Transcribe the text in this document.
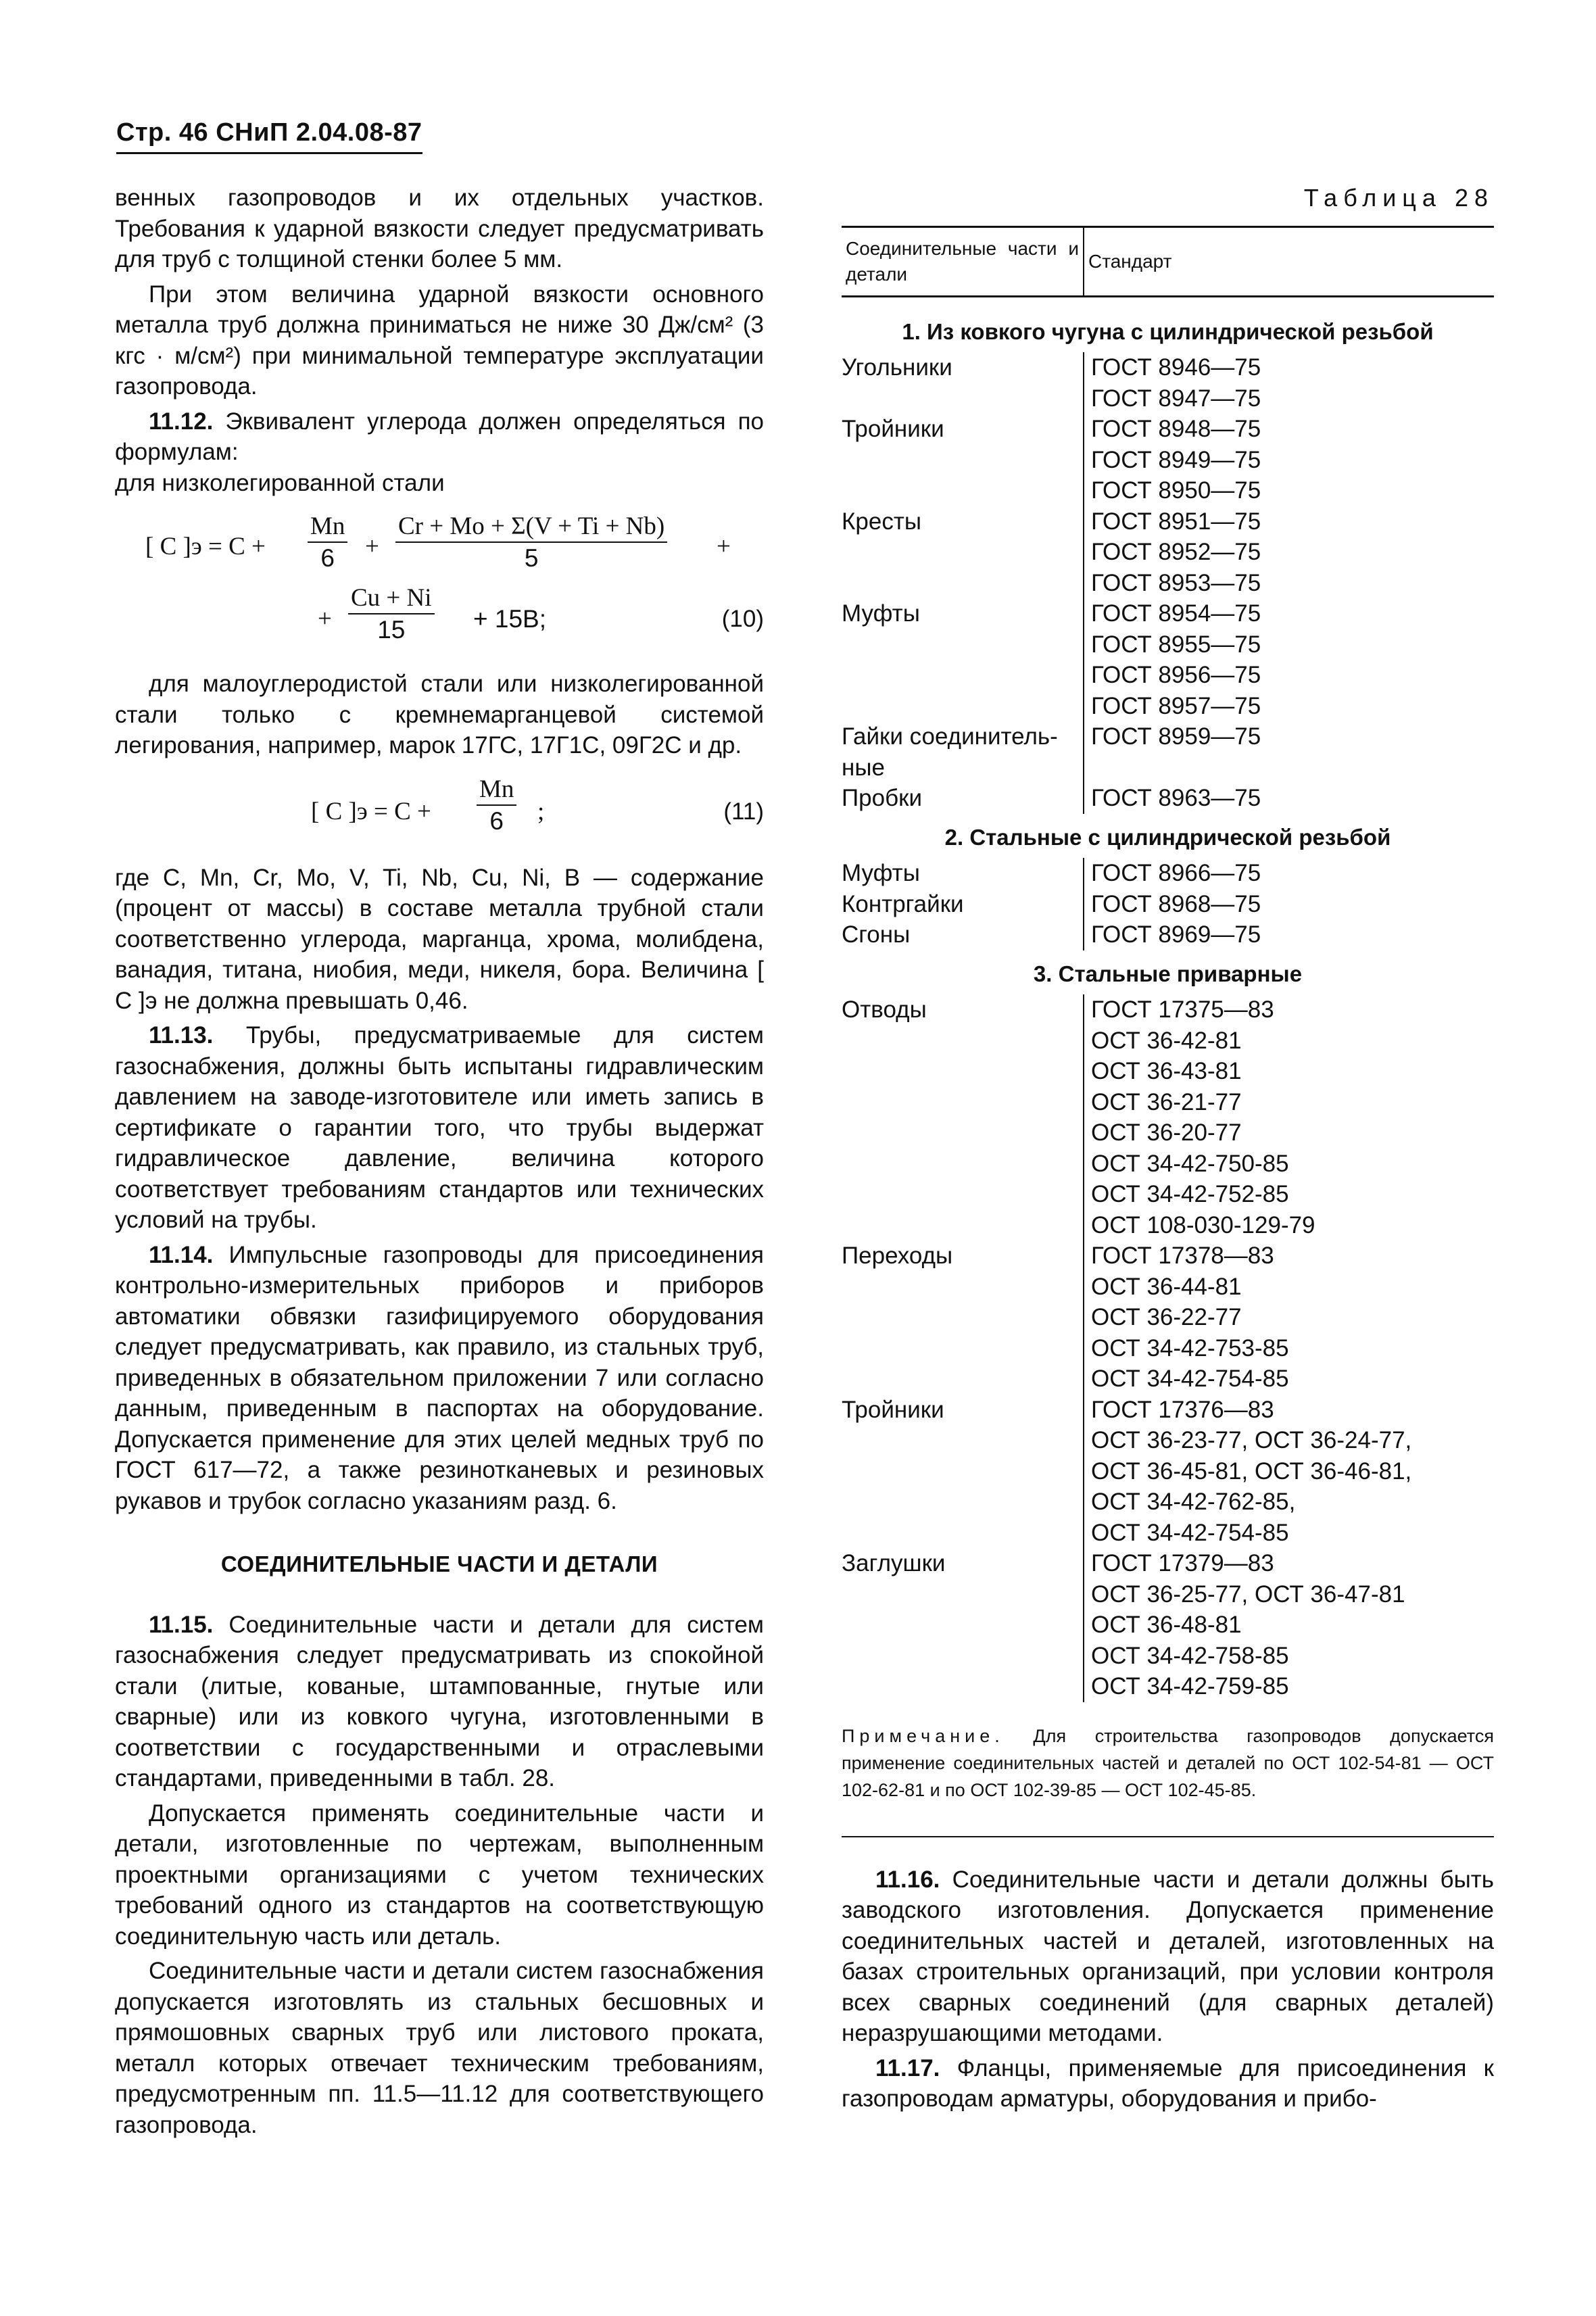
Стр. 46 СНиП 2.04.08-87

венных газопроводов и их отдельных участков. Требования к ударной вязкости следует предусматривать для труб с толщиной стенки более 5 мм.

При этом величина ударной вязкости основного металла труб должна приниматься не ниже 30 Дж/см² (3 кгс · м/см²) при минимальной температуре эксплуатации газопровода.

11.12. Эквивалент углерода должен определяться по формулам:

для низколегированной стали

[ C ]$э = C + \frac{Mn}{6} + \frac{Cr + Mo + \Sigma(V + Ti + Nb)}{5}$ +
+ $\frac{Cu + Ni}{15} + 15B$;	(10)

для малоуглеродистой стали или низколегированной стали только с кремнемарганцевой системой легирования, например, марок 17ГС, 17Г1С, 09Г2С и др.

[ C ]$э = C + \frac{Mn}{6}$ ;	(11)

где C, Mn, Cr, Mo, V, Ti, Nb, Cu, Ni, B — содержание (процент от массы) в составе металла трубной стали соответственно углерода, марганца, хрома, молибдена, ванадия, титана, ниобия, меди, никеля, бора. Величина [ C ]э не должна превышать 0,46.

11.13. Трубы, предусматриваемые для систем газоснабжения, должны быть испытаны гидравлическим давлением на заводе-изготовителе или иметь запись в сертификате о гарантии того, что трубы выдержат гидравлическое давление, величина которого соответствует требованиям стандартов или технических условий на трубы.

11.14. Импульсные газопроводы для присоединения контрольно-измерительных приборов и приборов автоматики обвязки газифицируемого оборудования следует предусматривать, как правило, из стальных труб, приведенных в обязательном приложении 7 или согласно данным, приведенным в паспортах на оборудование. Допускается применение для этих целей медных труб по ГОСТ 617—72, а также резинотканевых и резиновых рукавов и трубок согласно указаниям разд. 6.

СОЕДИНИТЕЛЬНЫЕ ЧАСТИ И ДЕТАЛИ

11.15. Соединительные части и детали для систем газоснабжения следует предусматривать из спокойной стали (литые, кованые, штампованные, гнутые или сварные) или из ковкого чугуна, изготовленными в соответствии с государственными и отраслевыми стандартами, приведенными в табл. 28.

Допускается применять соединительные части и детали, изготовленные по чертежам, выполненным проектными организациями с учетом технических требований одного из стандартов на соответствующую соединительную часть или деталь.

Соединительные части и детали систем газоснабжения допускается изготовлять из стальных бесшовных и прямошовных сварных труб или листового проката, металл которых отвечает техническим требованиям, предусмотренным пп. 11.5—11.12 для соответствующего газопровода.

Таблица 28
Соединительные части и детали	Стандарт
1. Из ковкого чугуна с цилиндрической резьбой	
Угольники	ГОСТ 8946—75
	ГОСТ 8947—75
Тройники	ГОСТ 8948—75
	ГОСТ 8949—75
	ГОСТ 8950—75
Кресты	ГОСТ 8951—75
	ГОСТ 8952—75
	ГОСТ 8953—75
Муфты	ГОСТ 8954—75
	ГОСТ 8955—75
	ГОСТ 8956—75
	ГОСТ 8957—75
Гайки соединитель-	ГОСТ 8959—75
ные	
Пробки	ГОСТ 8963—75
2. Стальные с цилиндрической резьбой	
Муфты	ГОСТ 8966—75
Контргайки	ГОСТ 8968—75
Сгоны	ГОСТ 8969—75
3. Стальные приварные	
Отводы	ГОСТ 17375—83
	ОСТ 36-42-81
	ОСТ 36-43-81
	ОСТ 36-21-77
	ОСТ 36-20-77
	ОСТ 34-42-750-85
	ОСТ 34-42-752-85
	ОСТ 108-030-129-79
Переходы	ГОСТ 17378—83
	ОСТ 36-44-81
	ОСТ 36-22-77
	ОСТ 34-42-753-85
	ОСТ 34-42-754-85
Тройники	ГОСТ 17376—83
	ОСТ 36-23-77, ОСТ 36-24-77,
	ОСТ 36-45-81, ОСТ 36-46-81,
	ОСТ 34-42-762-85,
	ОСТ 34-42-754-85
Заглушки	ГОСТ 17379—83
	ОСТ 36-25-77, ОСТ 36-47-81
	ОСТ 36-48-81
	ОСТ 34-42-758-85
	ОСТ 34-42-759-85
Примечание. Для строительства газопроводов допускается применение соединительных частей и деталей по ОСТ 102-54-81 — ОСТ 102-62-81 и по ОСТ 102-39-85 — ОСТ 102-45-85.

11.16. Соединительные части и детали должны быть заводского изготовления. Допускается применение соединительных частей и деталей, изготовленных на базах строительных организаций, при условии контроля всех сварных соединений (для сварных деталей) неразрушающими методами.

11.17. Фланцы, применяемые для присоединения к газопроводам арматуры, оборудования и прибо-
